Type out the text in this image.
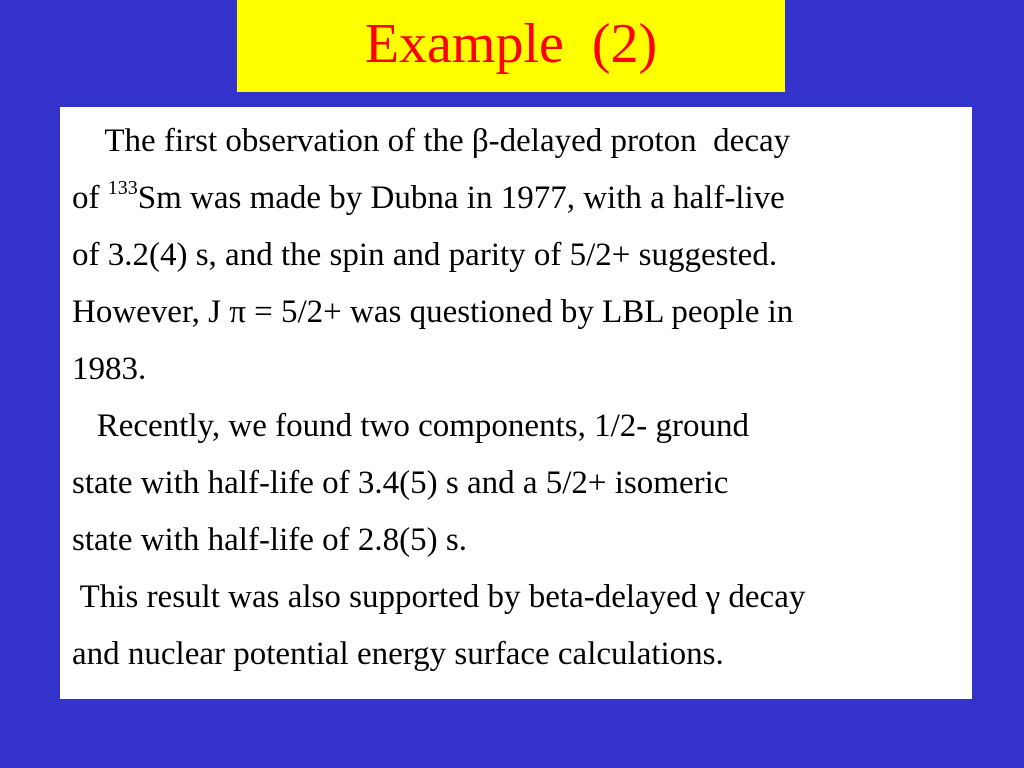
Example  (2)
The first observation of the β-delayed proton  decay
of $^{133}$Sm was made by Dubna in 1977, with a half-live
of 3.2(4) s, and the spin and parity of 5/2+ suggested.
However, J π = 5/2+ was questioned by LBL people in
1983.
Recently, we found two components, 1/2- ground
state with half-life of 3.4(5) s and a 5/2+ isomeric
state with half-life of 2.8(5) s.
This result was also supported by beta-delayed γ decay
and nuclear potential energy surface calculations.
